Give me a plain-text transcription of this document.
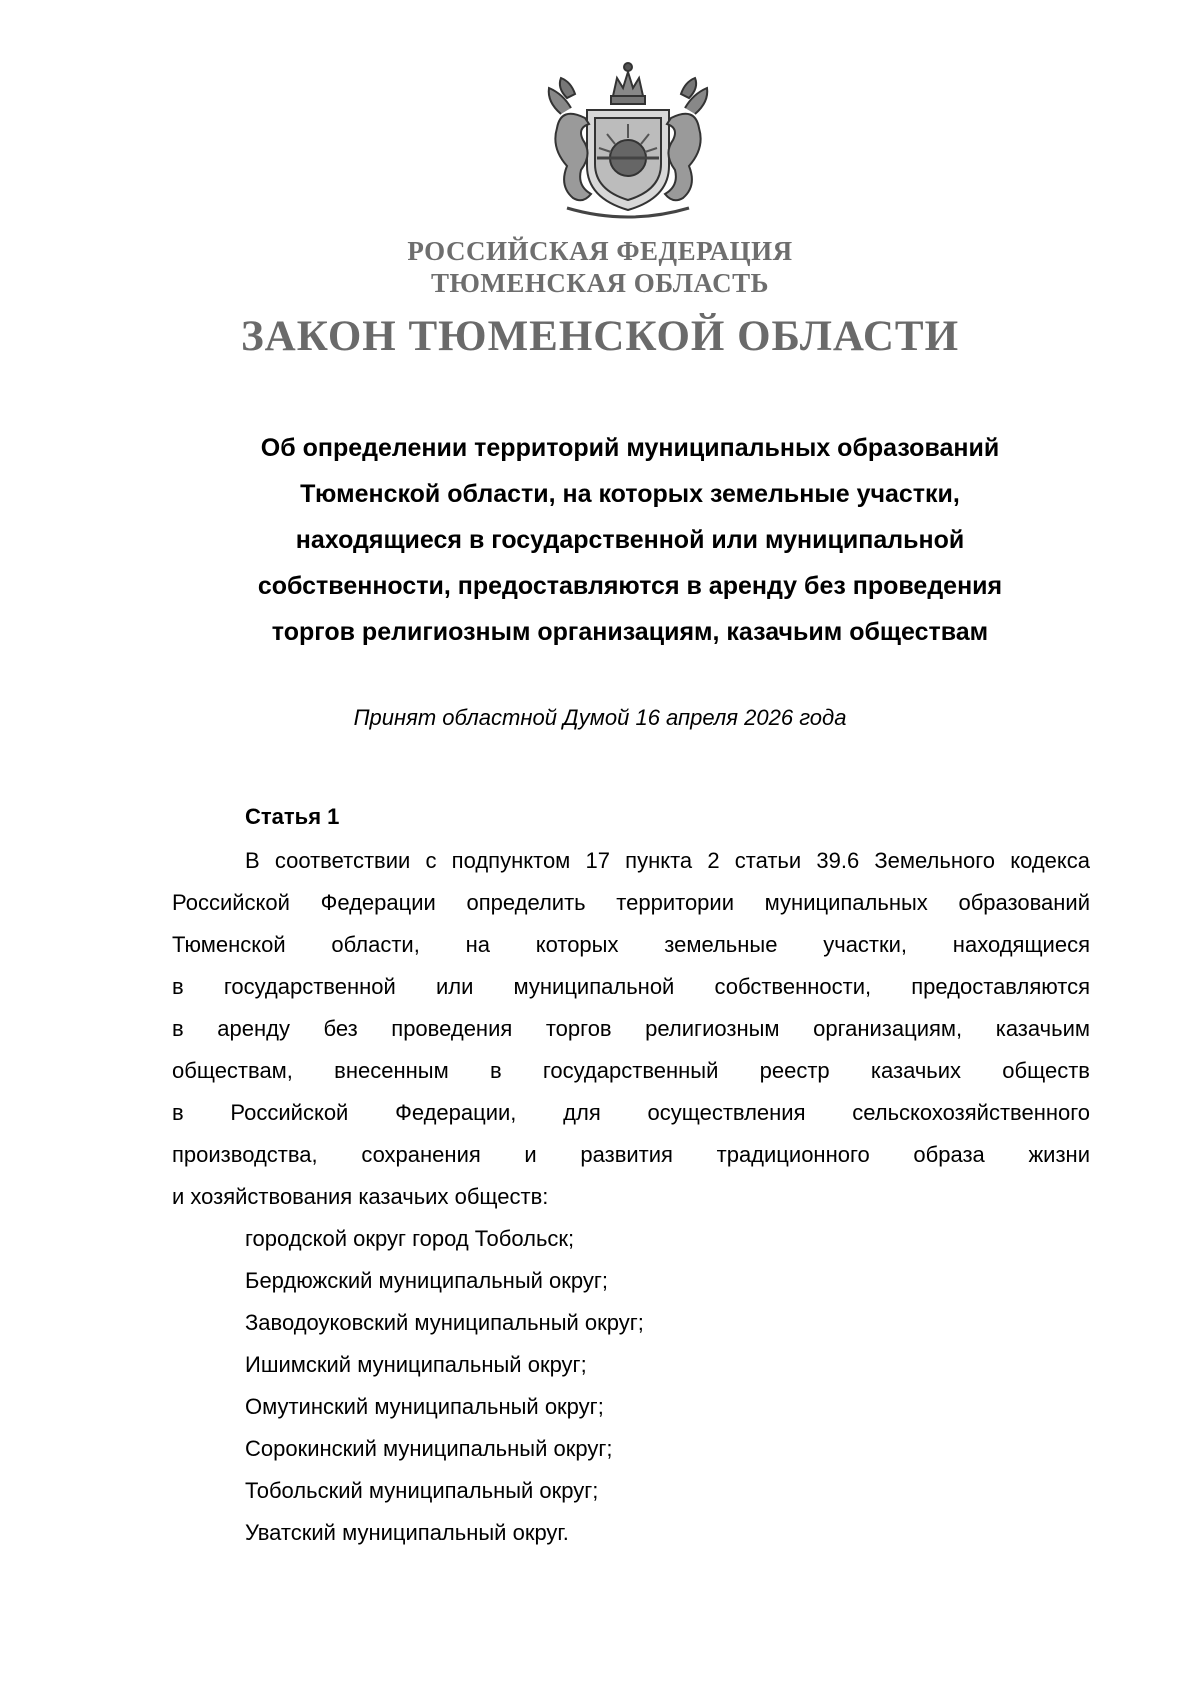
РОССИЙСКАЯ ФЕДЕРАЦИЯ
ТЮМЕНСКАЯ ОБЛАСТЬ
ЗАКОН ТЮМЕНСКОЙ ОБЛАСТИ
Об определении территорий муниципальных образований
Тюменской области, на которых земельные участки,
находящиеся в государственной или муниципальной
собственности, предоставляются в аренду без проведения
торгов религиозным организациям, казачьим обществам
Принят областной Думой 16 апреля 2026 года
Статья 1
В соответствии с подпунктом 17 пункта 2 статьи 39.6 Земельного кодекса
Российской Федерации определить территории муниципальных образований
Тюменской области, на которых земельные участки, находящиеся
в государственной или муниципальной собственности, предоставляются
в аренду без проведения торгов религиозным организациям, казачьим
обществам, внесенным в государственный реестр казачьих обществ
в Российской Федерации, для осуществления сельскохозяйственного
производства, сохранения и развития традиционного образа жизни
и хозяйствования казачьих обществ:
городской округ город Тобольск;
Бердюжский муниципальный округ;
Заводоуковский муниципальный округ;
Ишимский муниципальный округ;
Омутинский муниципальный округ;
Сорокинский муниципальный округ;
Тобольский муниципальный округ;
Уватский муниципальный округ.
